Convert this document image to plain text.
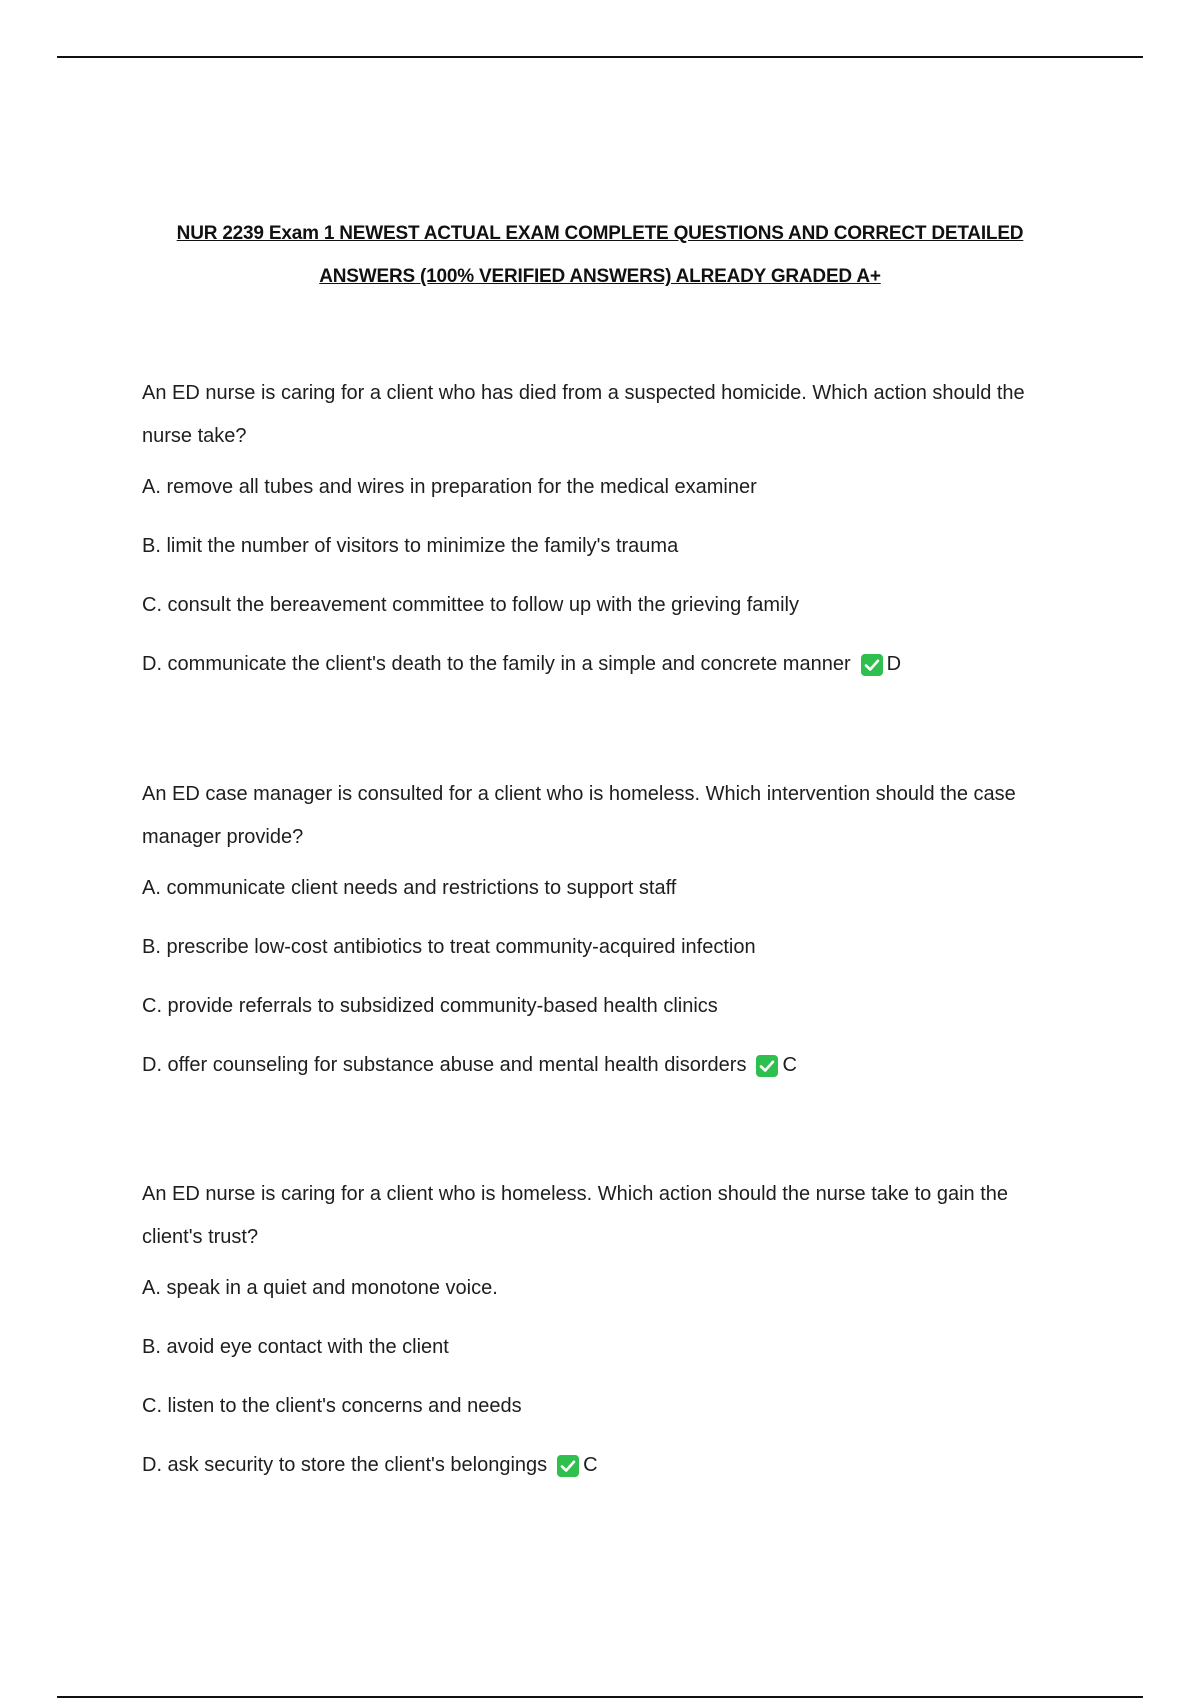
NUR 2239 Exam 1 NEWEST ACTUAL EXAM COMPLETE QUESTIONS AND CORRECT DETAILED
ANSWERS (100% VERIFIED ANSWERS) ALREADY GRADED A+

An ED nurse is caring for a client who has died from a suspected homicide. Which action should the nurse take?

A. remove all tubes and wires in preparation for the medical examiner
B. limit the number of visitors to minimize the family's trauma
C. consult the bereavement committee to follow up with the grieving family
D. communicate the client's death to the family in a simple and concrete manner D

An ED case manager is consulted for a client who is homeless. Which intervention should the case manager provide?

A. communicate client needs and restrictions to support staff
B. prescribe low-cost antibiotics to treat community-acquired infection
C. provide referrals to subsidized community-based health clinics
D. offer counseling for substance abuse and mental health disorders C

An ED nurse is caring for a client who is homeless. Which action should the nurse take to gain the client's trust?

A. speak in a quiet and monotone voice.
B. avoid eye contact with the client
C. listen to the client's concerns and needs
D. ask security to store the client's belongings C
